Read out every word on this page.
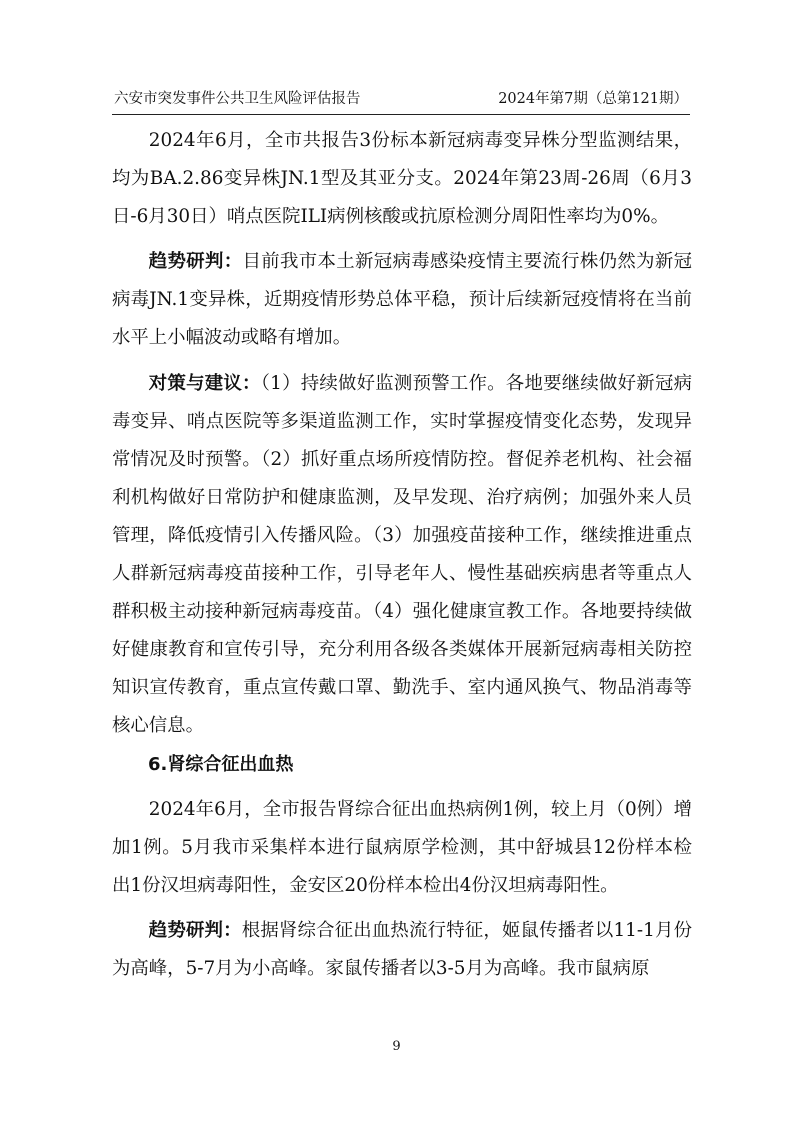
六安市突发事件公共卫生风险评估报告	2024年第7期（总第121期）

2024年6月，全市共报告3份标本新冠病毒变异株分型监测结果，均为BA.2.86变异株JN.1型及其亚分支。2024年第23周-26周（6月3日-6月30日）哨点医院ILI病例核酸或抗原检测分周阳性率均为0%。

趋势研判：目前我市本土新冠病毒感染疫情主要流行株仍然为新冠病毒JN.1变异株，近期疫情形势总体平稳，预计后续新冠疫情将在当前水平上小幅波动或略有增加。

对策与建议：（1）持续做好监测预警工作。各地要继续做好新冠病毒变异、哨点医院等多渠道监测工作，实时掌握疫情变化态势，发现异常情况及时预警。（2）抓好重点场所疫情防控。督促养老机构、社会福利机构做好日常防护和健康监测，及早发现、治疗病例；加强外来人员管理，降低疫情引入传播风险。（3）加强疫苗接种工作，继续推进重点人群新冠病毒疫苗接种工作，引导老年人、慢性基础疾病患者等重点人群积极主动接种新冠病毒疫苗。（4）强化健康宣教工作。各地要持续做好健康教育和宣传引导，充分利用各级各类媒体开展新冠病毒相关防控知识宣传教育，重点宣传戴口罩、勤洗手、室内通风换气、物品消毒等核心信息。

6.肾综合征出血热

2024年6月，全市报告肾综合征出血热病例1例，较上月（0例）增加1例。5月我市采集样本进行鼠病原学检测，其中舒城县12份样本检出1份汉坦病毒阳性，金安区20份样本检出4份汉坦病毒阳性。

趋势研判：根据肾综合征出血热流行特征，姬鼠传播者以11-1月份为高峰，5-7月为小高峰。家鼠传播者以3-5月为高峰。我市鼠病原

9
